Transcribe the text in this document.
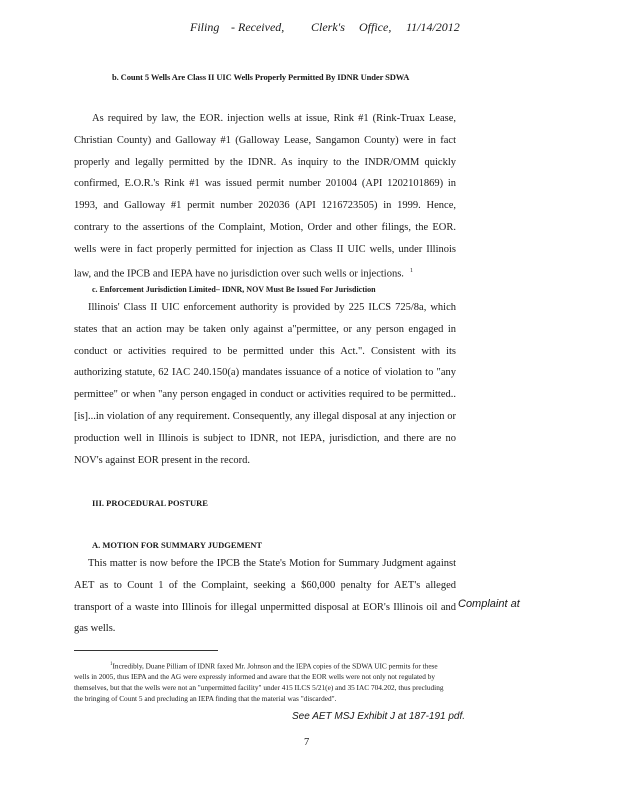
Filing - Received, Clerk's Office, 11/14/2012
b. Count 5 Wells Are Class II UIC Wells Properly Permitted By IDNR Under SDWA

As required by law, the EOR. injection wells at issue, Rink #1 (Rink-Truax Lease, Christian County) and Galloway #1 (Galloway Lease, Sangamon County) were in fact properly and legally permitted by the IDNR. As inquiry to the INDR/OMM quickly confirmed, E.O.R.'s Rink #1 was issued permit number 201004 (API 1202101869) in 1993, and Galloway #1 permit number 202036 (API 1216723505) in 1999. Hence, contrary to the assertions of the Complaint, Motion, Order and other filings, the EOR. wells were in fact properly permitted for injection as Class II UIC wells, under Illinois law, and the IPCB and IEPA have no jurisdiction over such wells or injections. $^1$

c. Enforcement Jurisdiction Limited– IDNR, NOV Must Be Issued For Jurisdiction

Illinois' Class II UIC enforcement authority is provided by 225 ILCS 725/8a, which states that an action may be taken only against a"permittee, or any person engaged in conduct or activities required to be permitted under this Act.". Consistent with its authorizing statute, 62 IAC 240.150(a) mandates issuance of a notice of violation to "any permittee" or when "any person engaged in conduct or activities required to be permitted..[is]...in violation of any requirement. Consequently, any illegal disposal at any injection or production well in Illinois is subject to IDNR, not IEPA, jurisdiction, and there are no NOV's against EOR present in the record.

III. PROCEDURAL POSTURE
A. MOTION FOR SUMMARY JUDGEMENT

This matter is now before the IPCB the State's Motion for Summary Judgment against AET as to Count 1 of the Complaint, seeking a $60,000 penalty for AET's alleged transport of a waste into Illinois for illegal unpermitted disposal at EOR's Illinois oil and gas wells.

Complaint at

$^1$Incredibly, Duane Pilliam of IDNR faxed Mr. Johnson and the IEPA copies of the SDWA UIC permits for these wells in 2005, thus IEPA and the AG were expressly informed and aware that the EOR wells were not only not regulated by themselves, but that the wells were not an "unpermitted facility" under 415 ILCS 5/21(e) and 35 IAC 704.202, thus precluding the bringing of Count 5 and precluding an IEPA finding that the material was "discarded".

See AET MSJ Exhibit J at 187-191 pdf.
7
